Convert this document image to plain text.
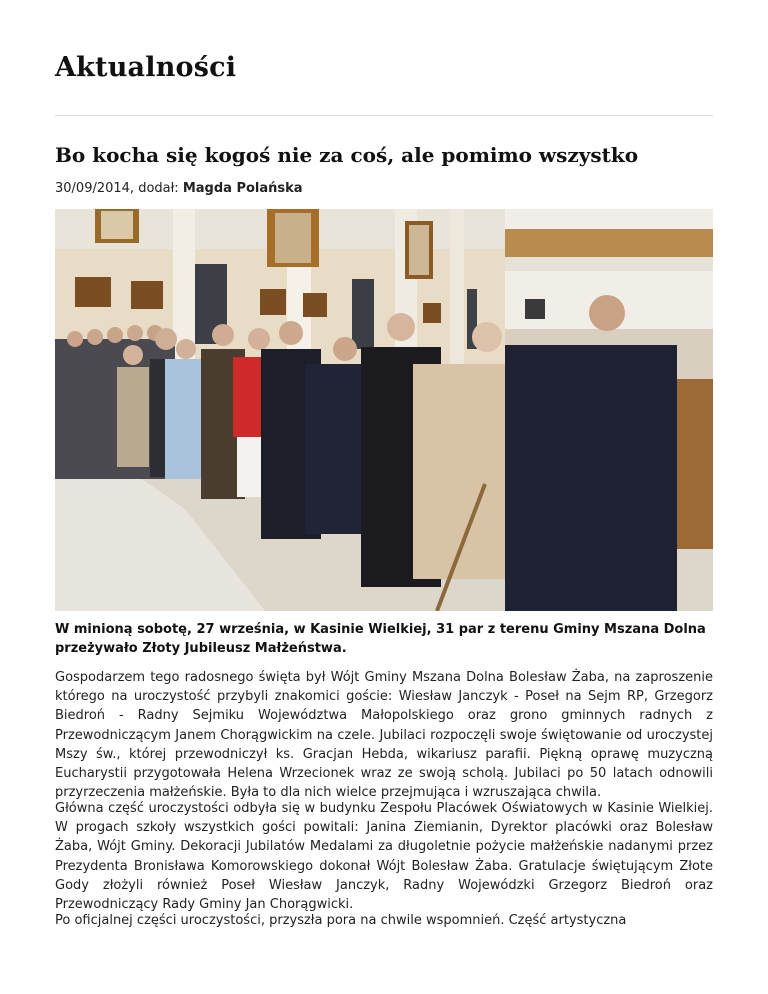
Aktualności
Bo kocha się kogoś nie za coś, ale pomimo wszystko
30/09/2014, dodał: Magda Polańska

W minioną sobotę, 27 września, w Kasinie Wielkiej, 31 par z terenu Gminy Mszana Dolna przeżywało Złoty Jubileusz Małżeństwa.

Gospodarzem tego radosnego święta był Wójt Gminy Mszana Dolna Bolesław Żaba, na zaproszenie którego na uroczystość przybyli znakomici goście: Wiesław Janczyk - Poseł na Sejm RP, Grzegorz Biedroń - Radny Sejmiku Województwa Małopolskiego oraz grono gminnych radnych z Przewodniczącym Janem Chorągwickim na czele. Jubilaci rozpoczęli swoje świętowanie od uroczystej Mszy św., której przewodniczył ks. Gracjan Hebda, wikariusz parafii. Piękną oprawę muzyczną Eucharystii przygotowała Helena Wrzecionek wraz ze swoją scholą. Jubilaci po 50 latach odnowili przyrzeczenia małżeńskie. Była to dla nich wielce przejmująca i wzruszająca chwila.

Główna część uroczystości odbyła się w budynku Zespołu Placówek Oświatowych w Kasinie Wielkiej. W progach szkoły wszystkich gości powitali: Janina Ziemianin, Dyrektor placówki oraz Bolesław Żaba, Wójt Gminy. Dekoracji Jubilatów Medalami za długoletnie pożycie małżeńskie nadanymi przez Prezydenta Bronisława Komorowskiego dokonał Wójt Bolesław Żaba. Gratulacje świętującym Złote Gody złożyli również Poseł Wiesław Janczyk, Radny Wojewódzki Grzegorz Biedroń oraz Przewodniczący Rady Gminy Jan Chorągwicki.

Po oficjalnej części uroczystości, przyszła pora na chwile wspomnień. Część artystyczna
